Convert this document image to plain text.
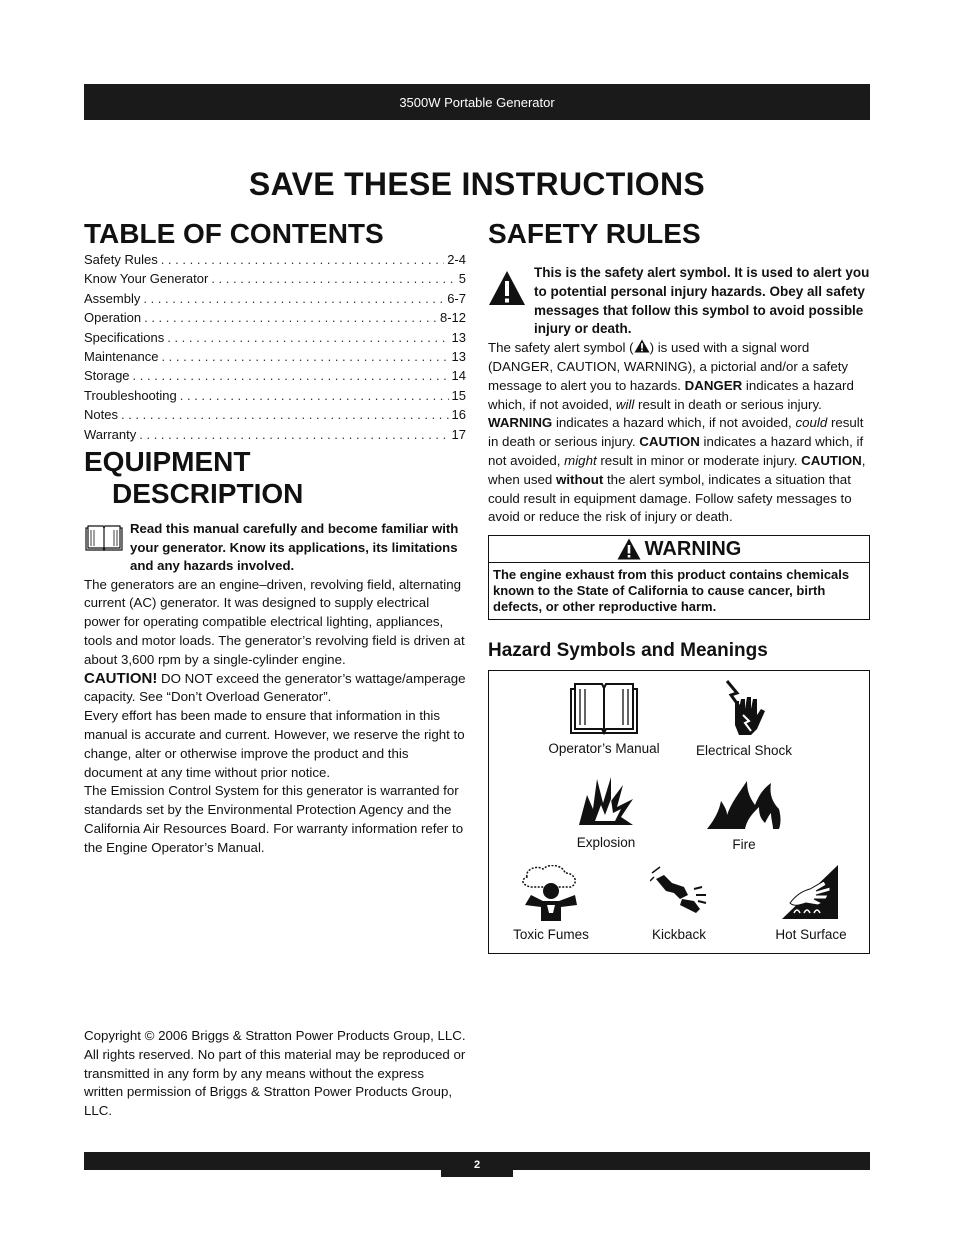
3500W Portable Generator
SAVE THESE INSTRUCTIONS
TABLE OF CONTENTS
Safety Rules . . .	2-4
Know Your Generator . . .	5
Assembly . . .	6-7
Operation . . .	8-12
Specifications . . .	13
Maintenance . . .	13
Storage . . .	14
Troubleshooting . . .	15
Notes . . .	16
Warranty . . .	17
EQUIPMENT
DESCRIPTION
Read this manual carefully and become familiar with your generator. Know its applications, its limitations and any hazards involved.

The generators are an engine–driven, revolving field, alternating current (AC) generator. It was designed to supply electrical power for operating compatible electrical lighting, appliances, tools and motor loads. The generator’s revolving field is driven at about 3,600 rpm by a single-cylinder engine.

CAUTION! DO NOT exceed the generator’s wattage/amperage capacity. See “Don’t Overload Generator”.

Every effort has been made to ensure that information in this manual is accurate and current. However, we reserve the right to change, alter or otherwise improve the product and this document at any time without prior notice.

The Emission Control System for this generator is warranted for standards set by the Environmental Protection Agency and the California Air Resources Board. For warranty information refer to the Engine Operator’s Manual.

Copyright © 2006 Briggs & Stratton Power Products Group, LLC. All rights reserved. No part of this material may be reproduced or transmitted in any form by any means without the express written permission of Briggs & Stratton Power Products Group, LLC.
SAFETY RULES
This is the safety alert symbol. It is used to alert you to potential personal injury hazards. Obey all safety messages that follow this symbol to avoid possible injury or death.

The safety alert symbol ( ) is used with a signal word (DANGER, CAUTION, WARNING), a pictorial and/or a safety message to alert you to hazards. DANGER indicates a hazard which, if not avoided, will result in death or serious injury. WARNING indicates a hazard which, if not avoided, could result in death or serious injury. CAUTION indicates a hazard which, if not avoided, might result in minor or moderate injury. CAUTION, when used without the alert symbol, indicates a situation that could result in equipment damage. Follow safety messages to avoid or reduce the risk of injury or death.

WARNING
The engine exhaust from this product contains chemicals known to the State of California to cause cancer, birth defects, or other reproductive harm.
Hazard Symbols and Meanings
Operator’s Manual	Electrical Shock
Explosion	Fire
Toxic Fumes	Kickback	Hot Surface
2
